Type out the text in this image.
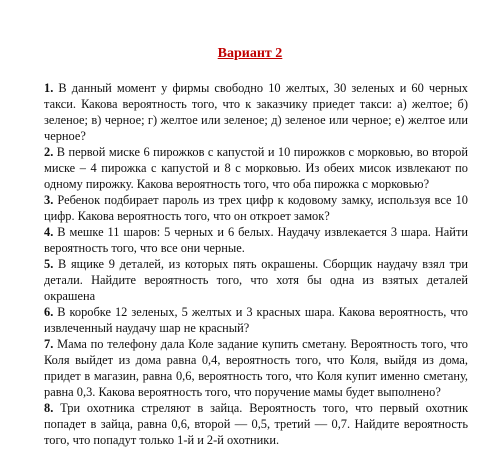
Вариант 2

1. В данный момент у фирмы свободно 10 желтых, 30 зеленых и 60 черных такси. Какова вероятность того, что к заказчику приедет такси: а) желтое; б) зеленое; в) черное; г) желтое или зеленое; д) зеленое или черное; е) желтое или черное?

2. В первой миске 6 пирожков с капустой и 10 пирожков с морковью, во второй миске – 4 пирожка с капустой и 8 с морковью. Из обеих мисок извлекают по одному пирожку. Какова вероятность того, что оба пирожка с морковью?

3. Ребенок подбирает пароль из трех цифр к кодовому замку, используя все 10 цифр. Какова вероятность того, что он откроет замок?

4. В мешке 11 шаров: 5 черных и 6 белых. Наудачу извлекается 3 шара. Найти вероятность того, что все они черные.

5. В ящике 9 деталей, из которых пять окрашены. Сборщик наудачу взял три детали. Найдите вероятность того, что хотя бы одна из взятых деталей окрашена

6. В коробке 12 зеленых, 5 желтых и 3 красных шара. Какова вероятность, что извлеченный наудачу шар не красный?

7. Мама по телефону дала Коле задание купить сметану. Вероятность того, что Коля выйдет из дома равна 0,4, вероятность того, что Коля, выйдя из дома, придет в магазин, равна 0,6, вероятность того, что Коля купит именно сметану, равна 0,3. Какова вероятность того, что поручение мамы будет выполнено?

8. Три охотника стреляют в зайца. Вероятность того, что первый охотник попадет в зайца, равна 0,6, второй — 0,5, третий — 0,7. Найдите вероятность того, что попадут только 1-й и 2-й охотники.
